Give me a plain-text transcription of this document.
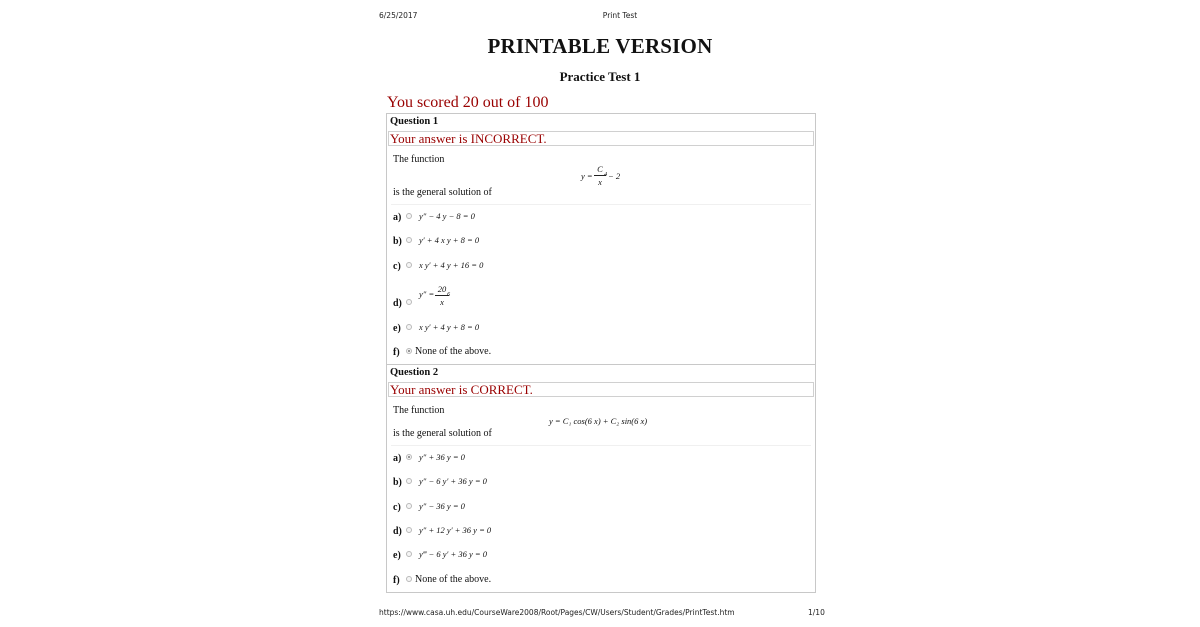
6/25/2017	Print Test
PRINTABLE VERSION
Practice Test 1
You scored 20 out of 100
Question 1
Your answer is INCORRECT.
The function
y =
C
x
4 − 2
is the general solution of
a) y″ − 4 y − 8 = 0
b) y′ + 4 x y + 8 = 0
c) x y′ + 4 y + 16 = 0
d)
y″ = 20
x
6
e) x y′ + 4 y + 8 = 0
f) None of the above.
Question 2
Your answer is CORRECT.
The function
y = C₁ cos(6 x) + C₂ sin(6 x)
is the general solution of
a) y″ + 36 y = 0
b) y″ − 6 y′ + 36 y = 0
c) y″ − 36 y = 0
d) y″ + 12 y′ + 36 y = 0
e) y‴ − 6 y′ + 36 y = 0
f) None of the above.
https://www.casa.uh.edu/CourseWare2008/Root/Pages/CW/Users/Student/Grades/PrintTest.htm	1/10
